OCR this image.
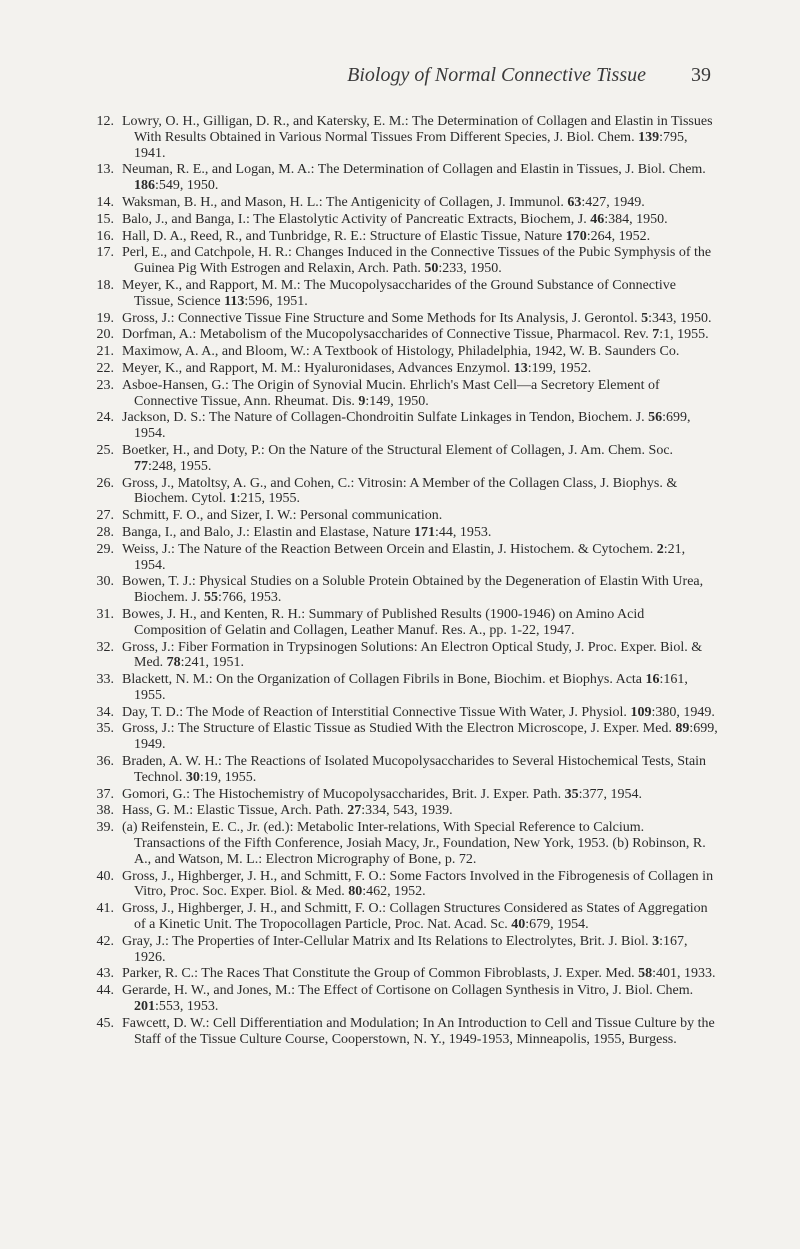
Biology of Normal Connective Tissue 39
12. Lowry, O. H., Gilligan, D. R., and Katersky, E. M.: The Determination of Collagen and Elastin in Tissues With Results Obtained in Various Normal Tissues From Different Species, J. Biol. Chem. 139:795, 1941.
13. Neuman, R. E., and Logan, M. A.: The Determination of Collagen and Elastin in Tissues, J. Biol. Chem. 186:549, 1950.
14. Waksman, B. H., and Mason, H. L.: The Antigenicity of Collagen, J. Immunol. 63:427, 1949.
15. Balo, J., and Banga, I.: The Elastolytic Activity of Pancreatic Extracts, Biochem, J. 46:384, 1950.
16. Hall, D. A., Reed, R., and Tunbridge, R. E.: Structure of Elastic Tissue, Nature 170:264, 1952.
17. Perl, E., and Catchpole, H. R.: Changes Induced in the Connective Tissues of the Pubic Symphysis of the Guinea Pig With Estrogen and Relaxin, Arch. Path. 50:233, 1950.
18. Meyer, K., and Rapport, M. M.: The Mucopolysaccharides of the Ground Substance of Connective Tissue, Science 113:596, 1951.
19. Gross, J.: Connective Tissue Fine Structure and Some Methods for Its Analysis, J. Gerontol. 5:343, 1950.
20. Dorfman, A.: Metabolism of the Mucopolysaccharides of Connective Tissue, Pharmacol. Rev. 7:1, 1955.
21. Maximow, A. A., and Bloom, W.: A Textbook of Histology, Philadelphia, 1942, W. B. Saunders Co.
22. Meyer, K., and Rapport, M. M.: Hyaluronidases, Advances Enzymol. 13:199, 1952.
23. Asboe-Hansen, G.: The Origin of Synovial Mucin. Ehrlich's Mast Cell—a Secretory Element of Connective Tissue, Ann. Rheumat. Dis. 9:149, 1950.
24. Jackson, D. S.: The Nature of Collagen-Chondroitin Sulfate Linkages in Tendon, Biochem. J. 56:699, 1954.
25. Boetker, H., and Doty, P.: On the Nature of the Structural Element of Collagen, J. Am. Chem. Soc. 77:248, 1955.
26. Gross, J., Matoltsy, A. G., and Cohen, C.: Vitrosin: A Member of the Collagen Class, J. Biophys. & Biochem. Cytol. 1:215, 1955.
27. Schmitt, F. O., and Sizer, I. W.: Personal communication.
28. Banga, I., and Balo, J.: Elastin and Elastase, Nature 171:44, 1953.
29. Weiss, J.: The Nature of the Reaction Between Orcein and Elastin, J. Histochem. & Cytochem. 2:21, 1954.
30. Bowen, T. J.: Physical Studies on a Soluble Protein Obtained by the Degeneration of Elastin With Urea, Biochem. J. 55:766, 1953.
31. Bowes, J. H., and Kenten, R. H.: Summary of Published Results (1900-1946) on Amino Acid Composition of Gelatin and Collagen, Leather Manuf. Res. A., pp. 1-22, 1947.
32. Gross, J.: Fiber Formation in Trypsinogen Solutions: An Electron Optical Study, J. Proc. Exper. Biol. & Med. 78:241, 1951.
33. Blackett, N. M.: On the Organization of Collagen Fibrils in Bone, Biochim. et Biophys. Acta 16:161, 1955.
34. Day, T. D.: The Mode of Reaction of Interstitial Connective Tissue With Water, J. Physiol. 109:380, 1949.
35. Gross, J.: The Structure of Elastic Tissue as Studied With the Electron Microscope, J. Exper. Med. 89:699, 1949.
36. Braden, A. W. H.: The Reactions of Isolated Mucopolysaccharides to Several Histochemical Tests, Stain Technol. 30:19, 1955.
37. Gomori, G.: The Histochemistry of Mucopolysaccharides, Brit. J. Exper. Path. 35:377, 1954.
38. Hass, G. M.: Elastic Tissue, Arch. Path. 27:334, 543, 1939.
39. (a) Reifenstein, E. C., Jr. (ed.): Metabolic Inter-relations, With Special Reference to Calcium. Transactions of the Fifth Conference, Josiah Macy, Jr., Foundation, New York, 1953. (b) Robinson, R. A., and Watson, M. L.: Electron Micrography of Bone, p. 72.
40. Gross, J., Highberger, J. H., and Schmitt, F. O.: Some Factors Involved in the Fibrogenesis of Collagen in Vitro, Proc. Soc. Exper. Biol. & Med. 80:462, 1952.
41. Gross, J., Highberger, J. H., and Schmitt, F. O.: Collagen Structures Considered as States of Aggregation of a Kinetic Unit. The Tropocollagen Particle, Proc. Nat. Acad. Sc. 40:679, 1954.
42. Gray, J.: The Properties of Inter-Cellular Matrix and Its Relations to Electrolytes, Brit. J. Biol. 3:167, 1926.
43. Parker, R. C.: The Races That Constitute the Group of Common Fibroblasts, J. Exper. Med. 58:401, 1933.
44. Gerarde, H. W., and Jones, M.: The Effect of Cortisone on Collagen Synthesis in Vitro, J. Biol. Chem. 201:553, 1953.
45. Fawcett, D. W.: Cell Differentiation and Modulation; In An Introduction to Cell and Tissue Culture by the Staff of the Tissue Culture Course, Cooperstown, N. Y., 1949-1953, Minneapolis, 1955, Burgess.
